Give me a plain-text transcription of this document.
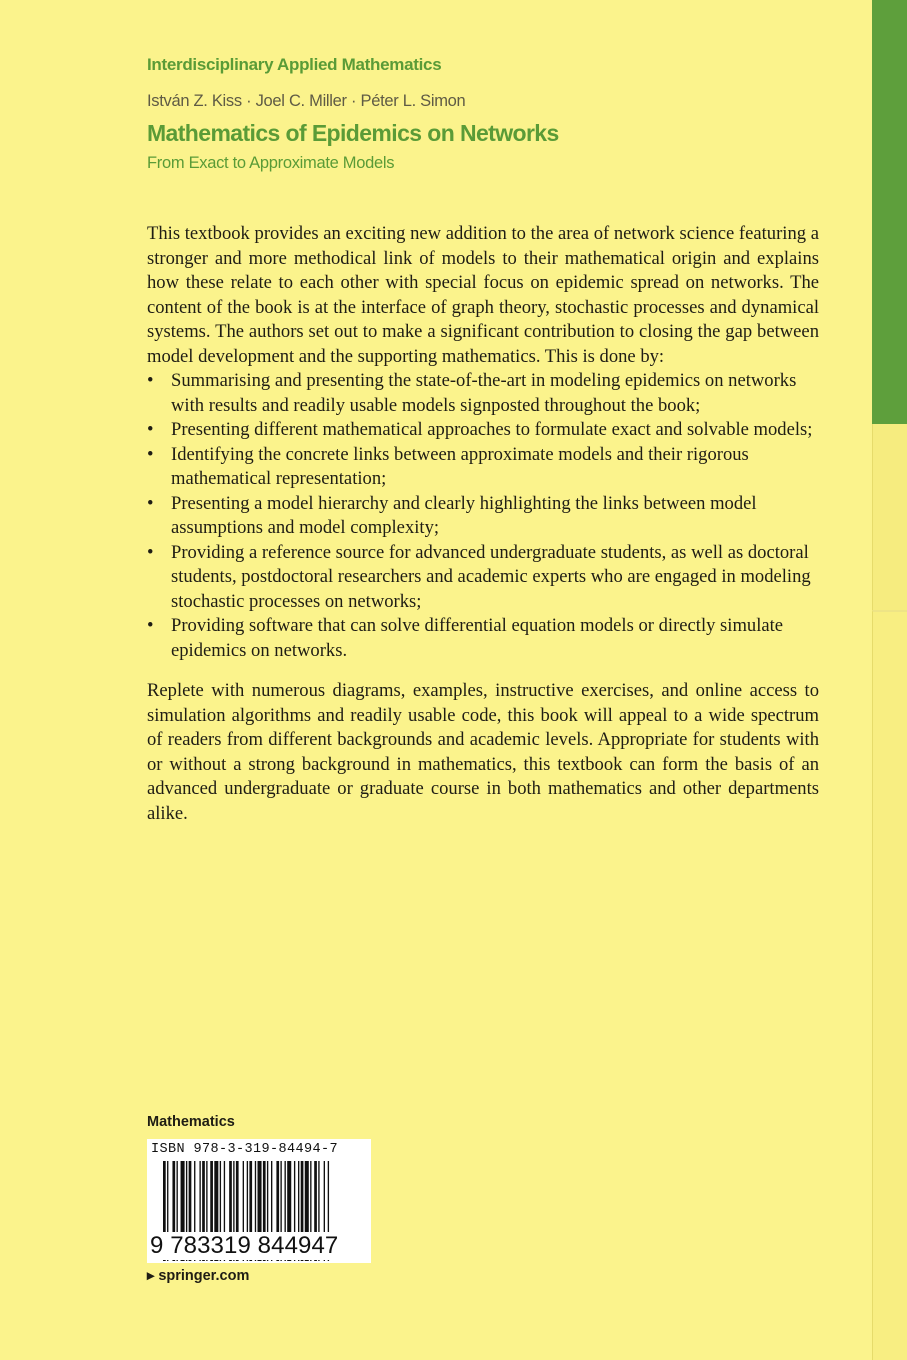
Interdisciplinary Applied Mathematics
István Z. Kiss · Joel C. Miller · Péter L. Simon
Mathematics of Epidemics on Networks
From Exact to Approximate Models

This textbook provides an exciting new addition to the area of network science featuring a stronger and more methodical link of models to their mathematical origin and explains how these relate to each other with special focus on epidemic spread on networks. The content of the book is at the interface of graph theory, stochastic processes and dynamical systems. The authors set out to make a significant contribution to closing the gap between model development and the supporting mathematics. This is done by:

• Summarising and presenting the state-of-the-art in modeling epidemics on networks with results and readily usable models signposted throughout the book;
• Presenting different mathematical approaches to formulate exact and solvable models;
• Identifying the concrete links between approximate models and their rigorous mathematical representation;
• Presenting a model hierarchy and clearly highlighting the links between model assumptions and model complexity;
• Providing a reference source for advanced undergraduate students, as well as doctoral students, postdoctoral researchers and academic experts who are engaged in modeling stochastic processes on networks;
• Providing software that can solve differential equation models or directly simulate epidemics on networks.

Replete with numerous diagrams, examples, instructive exercises, and online access to simulation algorithms and readily usable code, this book will appeal to a wide spectrum of readers from different backgrounds and academic levels. Appropriate for students with or without a strong background in mathematics, this textbook can form the basis of an advanced undergraduate or graduate course in both mathematics and other departments alike.

Mathematics
ISBN 978-3-319-84494-7
9 783319 844947
▸ springer.com
